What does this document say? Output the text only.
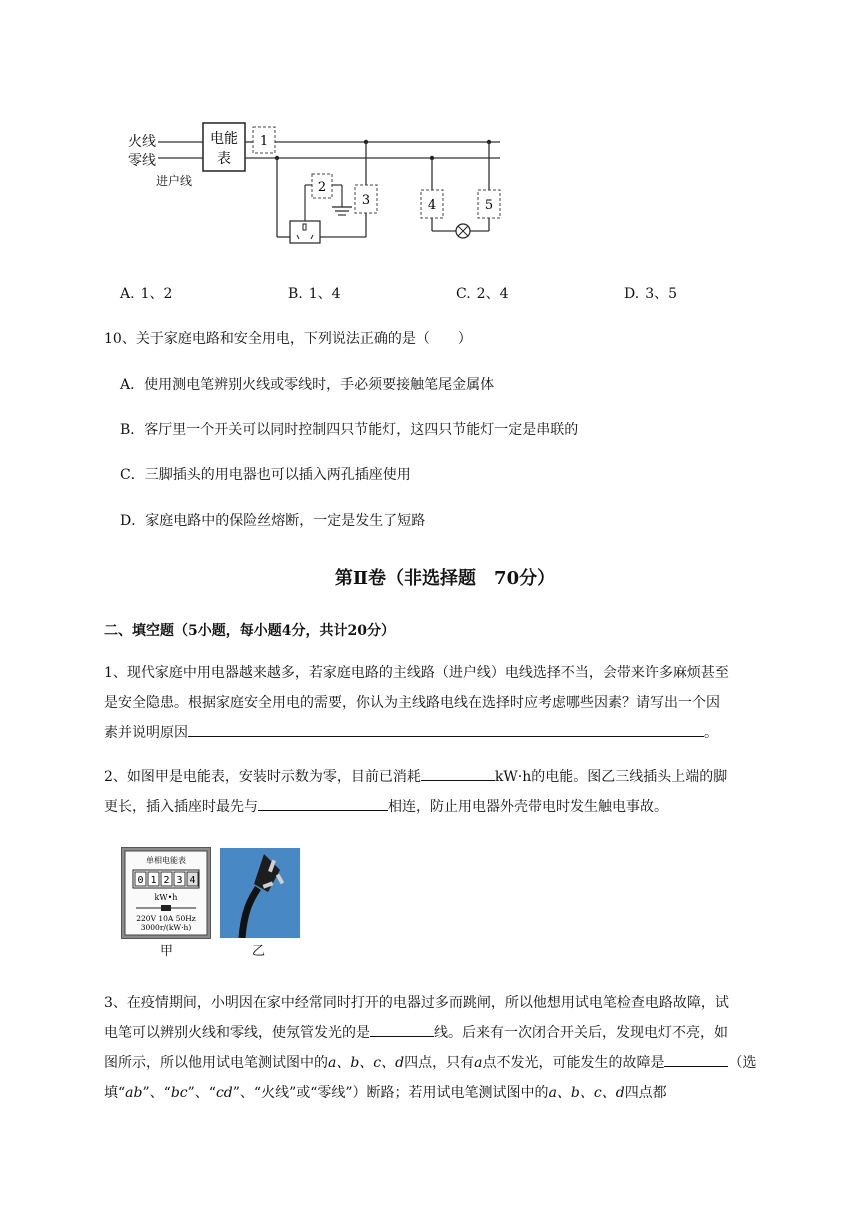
火线
零线
进户线
电能
表
1
2
3	4	5
A. 1、2	B. 1、4	C. 2、4	D. 3、5
10、关于家庭电路和安全用电，下列说法正确的是（　　）
A．使用测电笔辨别火线或零线时，手必须要接触笔尾金属体
B．客厅里一个开关可以同时控制四只节能灯，这四只节能灯一定是串联的
C．三脚插头的用电器也可以插入两孔插座使用
D．家庭电路中的保险丝熔断，一定是发生了短路
第Ⅱ卷（非选择题　70分）
二、填空题（5小题，每小题4分，共计20分）
1、现代家庭中用电器越来越多，若家庭电路的主线路（进户线）电线选择不当，会带来许多麻烦甚至
是安全隐患。根据家庭安全用电的需要，你认为主线路电线在选择时应考虑哪些因素？请写出一个因
素并说明原因	。
2、如图甲是电能表，安装时示数为零，目前已消耗	kW·h的电能。图乙三线插头上端的脚
更长，插入插座时最先与	相连，防止用电器外壳带电时发生触电事故。
单相电能表
0 1 2 3 4
kW•h
220V 10A 50Hz
3000r/(kW·h)
甲	乙
3、在疫情期间，小明因在家中经常同时打开的电器过多而跳闸，所以他想用试电笔检查电路故障，试
电笔可以辨别火线和零线，使氖管发光的是	线。后来有一次闭合开关后，发现电灯不亮，如
图所示，所以他用试电笔测试图中的a、b、c、d四点，只有a点不发光，可能发生的故障是	（选
填“ab”、“bc”、“cd”、“火线”或“零线”）断路；若用试电笔测试图中的a、b、c、d四点都
